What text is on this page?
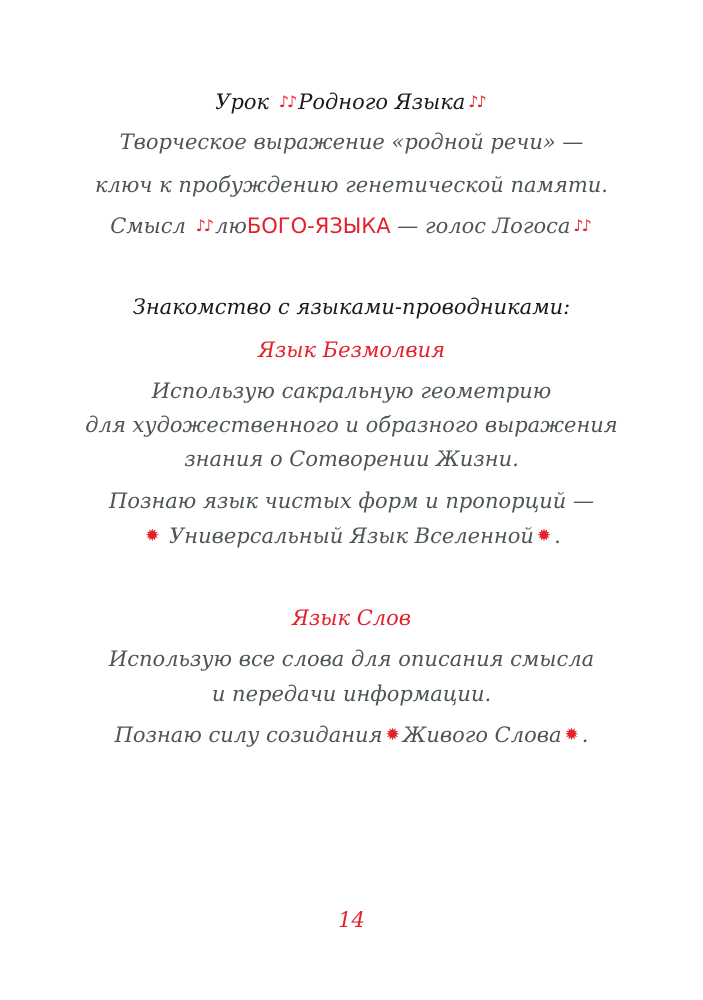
Урок ♪♪ Родного Языка ♪♪
Творческое выражение «родной речи» —
ключ к пробуждению генетической памяти.
Смысл ♪♪ люБОГО-ЯЗЫКА — голос Логоса ♪♪
Знакомство с языками-проводниками:
Язык Безмолвия
Использую сакральную геометрию
для художественного и образного выражения
знания о Сотворении Жизни.
Познаю язык чистых форм и пропорций —
✹ Универсальный Язык Вселенной ✹ .
Язык Слов
Использую все слова для описания смысла
и передачи информации.
Познаю силу созидания ✹ Живого Слова ✹ .
14
